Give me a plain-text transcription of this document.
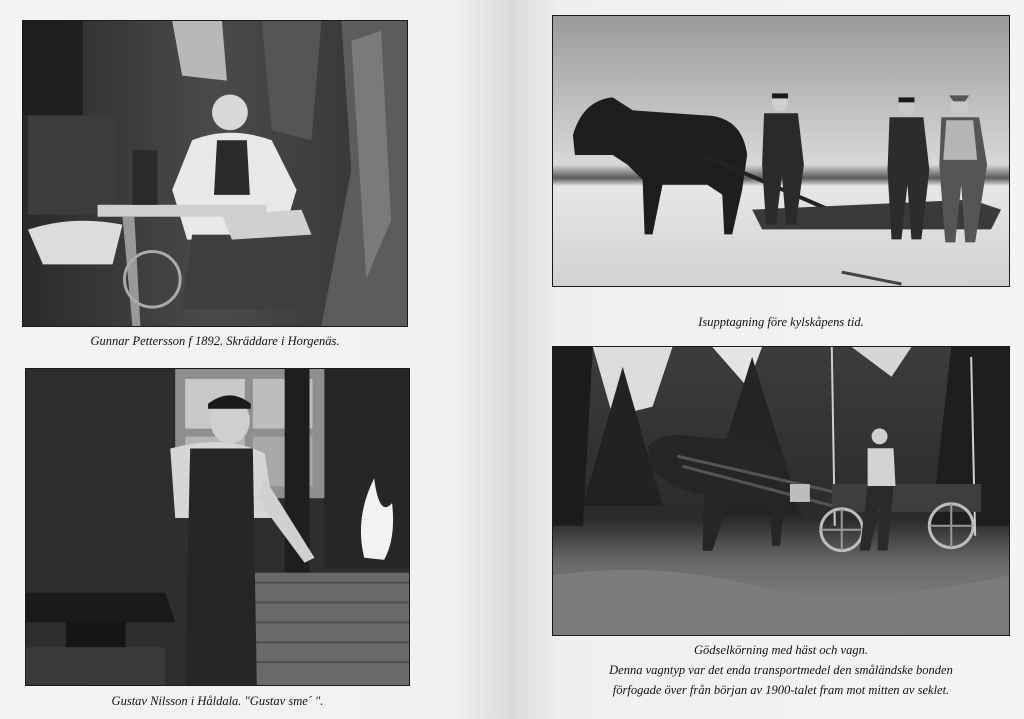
Gunnar Pettersson f 1892. Skräddare i Horgenäs.
Gustav Nilsson i Håldala. "Gustav sme´ ".
Isupptagning före kylskåpens tid.
Gödselkörning med häst och vagn.
Denna vagntyp var det enda transportmedel den småländske bonden
förfogade över från början av 1900-talet fram mot mitten av seklet.
